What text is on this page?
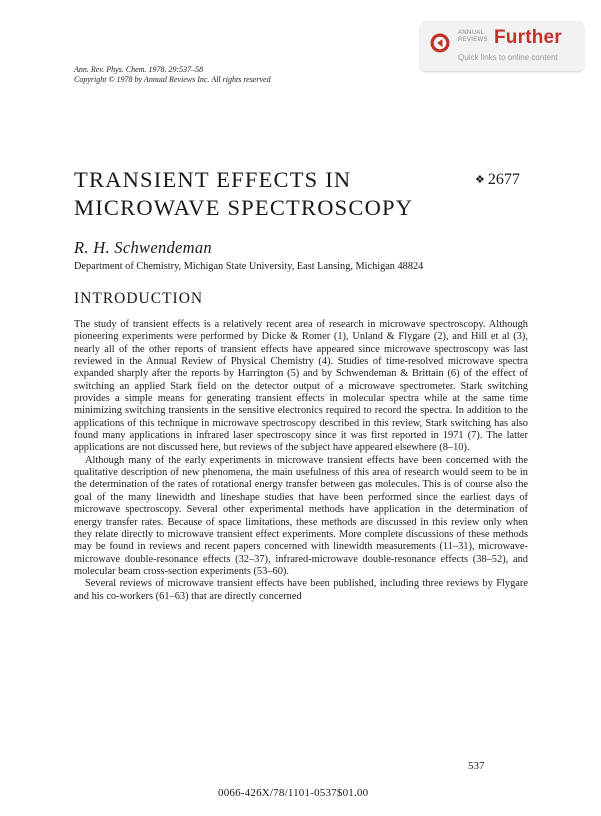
ANNUAL
REVIEWS Further
Quick links to online content
Ann. Rev. Phys. Chem. 1978. 29:537–58
Copyright © 1978 by Annual Reviews Inc. All rights reserved
TRANSIENT EFFECTS IN
MICROWAVE SPECTROSCOPY
❖ 2677
R. H. Schwendeman
Department of Chemistry, Michigan State University, East Lansing, Michigan 48824
INTRODUCTION

The study of transient effects is a relatively recent area of research in microwave spectroscopy. Although pioneering experiments were performed by Dicke & Romer (1), Unland & Flygare (2), and Hill et al (3), nearly all of the other reports of transient effects have appeared since microwave spectroscopy was last reviewed in the Annual Review of Physical Chemistry (4). Studies of time-resolved microwave spectra expanded sharply after the reports by Harrington (5) and by Schwendeman & Brittain (6) of the effect of switching an applied Stark field on the detector output of a microwave spectrometer. Stark switching provides a simple means for generating transient effects in molecular spectra while at the same time minimizing switching transients in the sensitive electronics required to record the spectra. In addition to the applications of this technique in microwave spectroscopy described in this review, Stark switching has also found many applications in infrared laser spectroscopy since it was first reported in 1971 (7). The latter applications are not discussed here, but reviews of the subject have appeared elsewhere (8–10).

Although many of the early experiments in microwave transient effects have been concerned with the qualitative description of new phenomena, the main usefulness of this area of research would seem to be in the determination of the rates of rotational energy transfer between gas molecules. This is of course also the goal of the many linewidth and lineshape studies that have been performed since the earliest days of microwave spectroscopy. Several other experimental methods have application in the determination of energy transfer rates. Because of space limitations, these methods are discussed in this review only when they relate directly to microwave transient effect experiments. More complete discussions of these methods may be found in reviews and recent papers concerned with linewidth measurements (11–31), microwave-microwave double-resonance effects (32–37), infrared-microwave double-resonance effects (38–52), and molecular beam cross-section experiments (53–60).

Several reviews of microwave transient effects have been published, including three reviews by Flygare and his co-workers (61–63) that are directly concerned

537
0066-426X/78/1101-0537$01.00
